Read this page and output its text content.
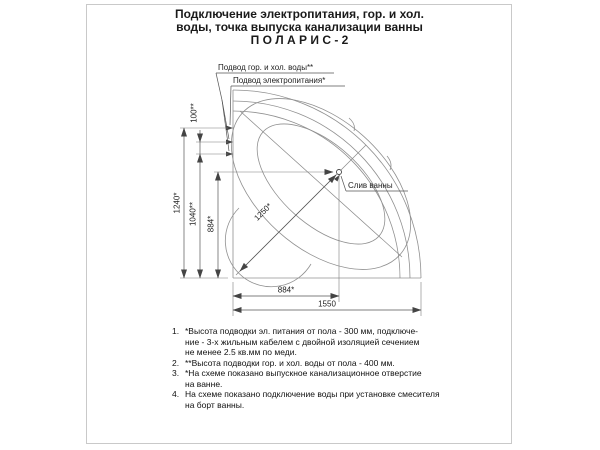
Подключение электропитания, гор. и хол.
воды, точка выпуска канализации ванны
П О Л А Р И С - 2
Подвод гор. и хол. воды**
Подвод электропитания*
Слив ванны
1240*
100**
1040** 884*
1250*
884*
1550
1. *Высота подводки эл. питания от пола - 300 мм, подключе-
ние - 3-х жильным кабелем с двойной изоляцией сечением
не менее 2.5 кв.мм по меди.
2. **Высота подводки гор. и хол. воды от пола - 400 мм.
3. *На схеме показано выпускное канализационное отверстие
на ванне.
4. На схеме показано подключение воды при установке смесителя
на борт ванны.
